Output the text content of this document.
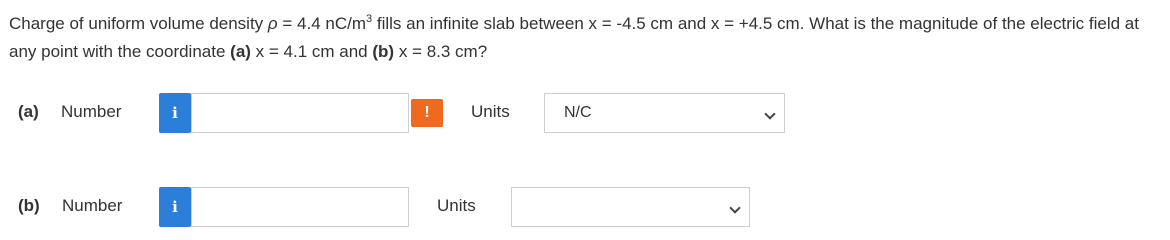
Charge of uniform volume density ρ = 4.4 $nC/m^3$ fills an infinite slab between x = -4.5 cm and x = +4.5 cm. What is the magnitude of the electric field at any point with the coordinate (a) x = 4.1 cm and (b) x = 8.3 cm?
(a) Number	i	!	Units	N/C
(b) Number	i	Units
